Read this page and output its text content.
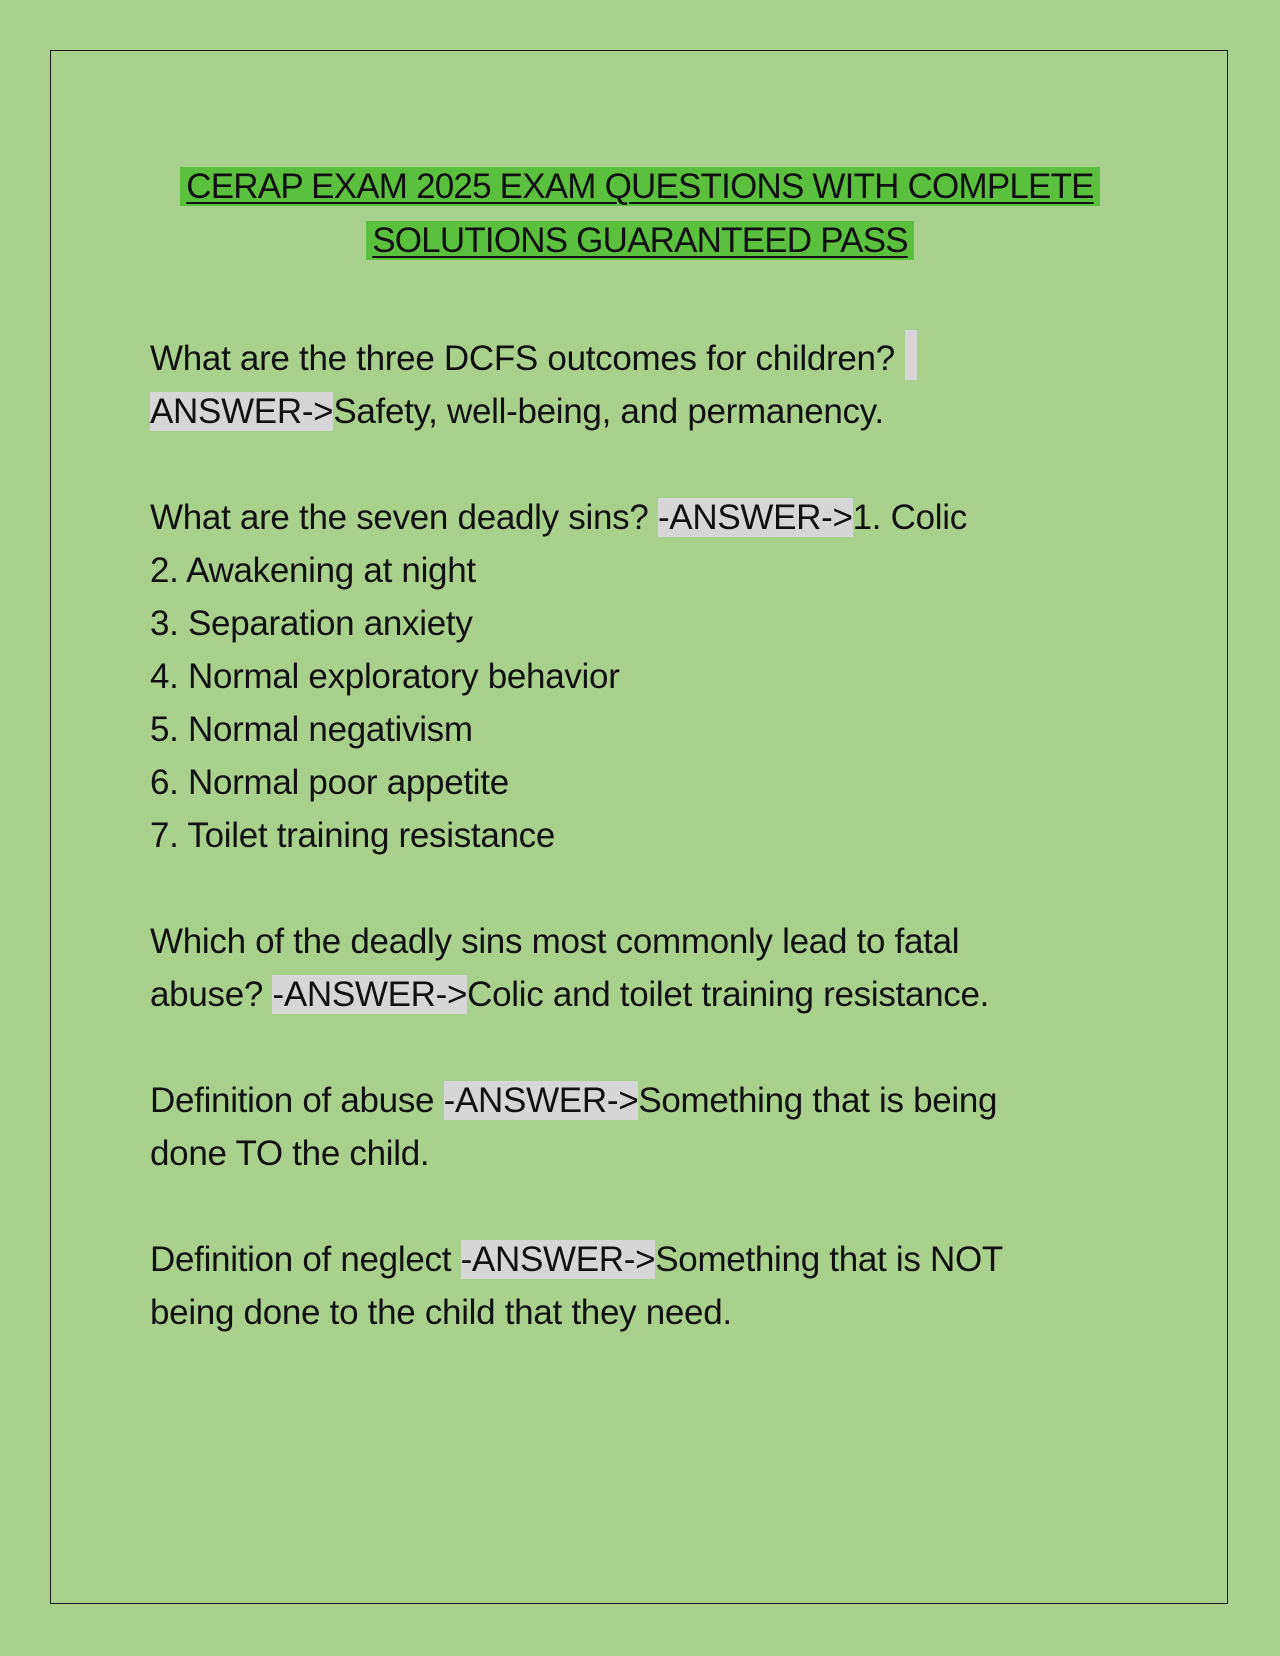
CERAP EXAM 2025 EXAM QUESTIONS WITH COMPLETE
SOLUTIONS GUARANTEED PASS
What are the three DCFS outcomes for children?
ANSWER->Safety, well-being, and permanency.
What are the seven deadly sins? -ANSWER->1. Colic
2. Awakening at night
3. Separation anxiety
4. Normal exploratory behavior
5. Normal negativism
6. Normal poor appetite
7. Toilet training resistance
Which of the deadly sins most commonly lead to fatal
abuse? -ANSWER->Colic and toilet training resistance.
Definition of abuse -ANSWER->Something that is being
done TO the child.
Definition of neglect -ANSWER->Something that is NOT
being done to the child that they need.
